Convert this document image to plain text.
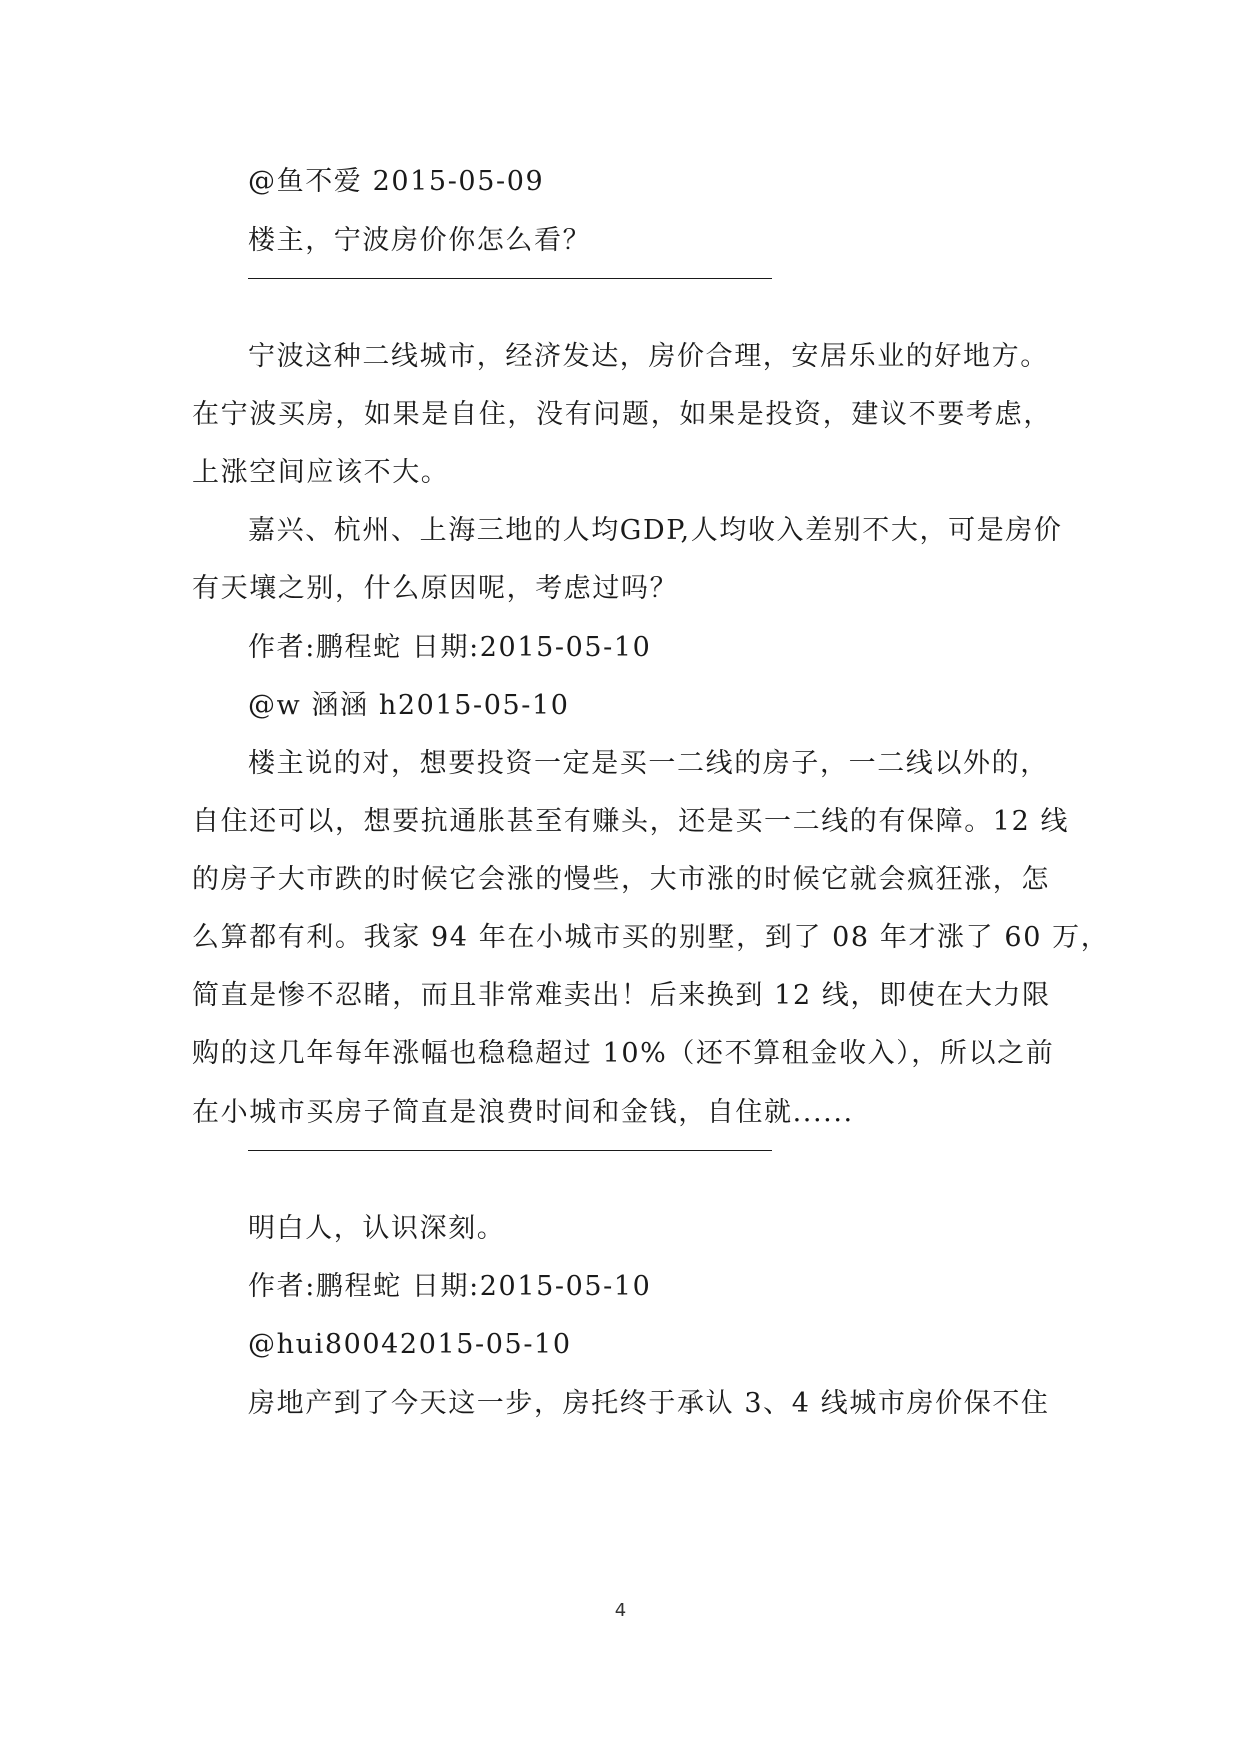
@鱼不爱 2015-05-09
楼主，宁波房价你怎么看？
宁波这种二线城市，经济发达，房价合理，安居乐业的好地方。
在宁波买房，如果是自住，没有问题，如果是投资，建议不要考虑，
上涨空间应该不大。
嘉兴、杭州、上海三地的人均GDP,人均收入差别不大，可是房价
有天壤之别，什么原因呢，考虑过吗？
作者:鹏程蛇 日期:2015-05-10
@w 涵涵 h2015-05-10
楼主说的对，想要投资一定是买一二线的房子，一二线以外的，
自住还可以，想要抗通胀甚至有赚头，还是买一二线的有保障。12 线
的房子大市跌的时候它会涨的慢些，大市涨的时候它就会疯狂涨，怎
么算都有利。我家 94 年在小城市买的别墅，到了 08 年才涨了 60 万，
简直是惨不忍睹，而且非常难卖出！后来换到 12 线，即使在大力限
购的这几年每年涨幅也稳稳超过 10%（还不算租金收入），所以之前
在小城市买房子简直是浪费时间和金钱，自住就......
明白人，认识深刻。
作者:鹏程蛇 日期:2015-05-10
@hui80042015-05-10
房地产到了今天这一步，房托终于承认 3、4 线城市房价保不住
4
